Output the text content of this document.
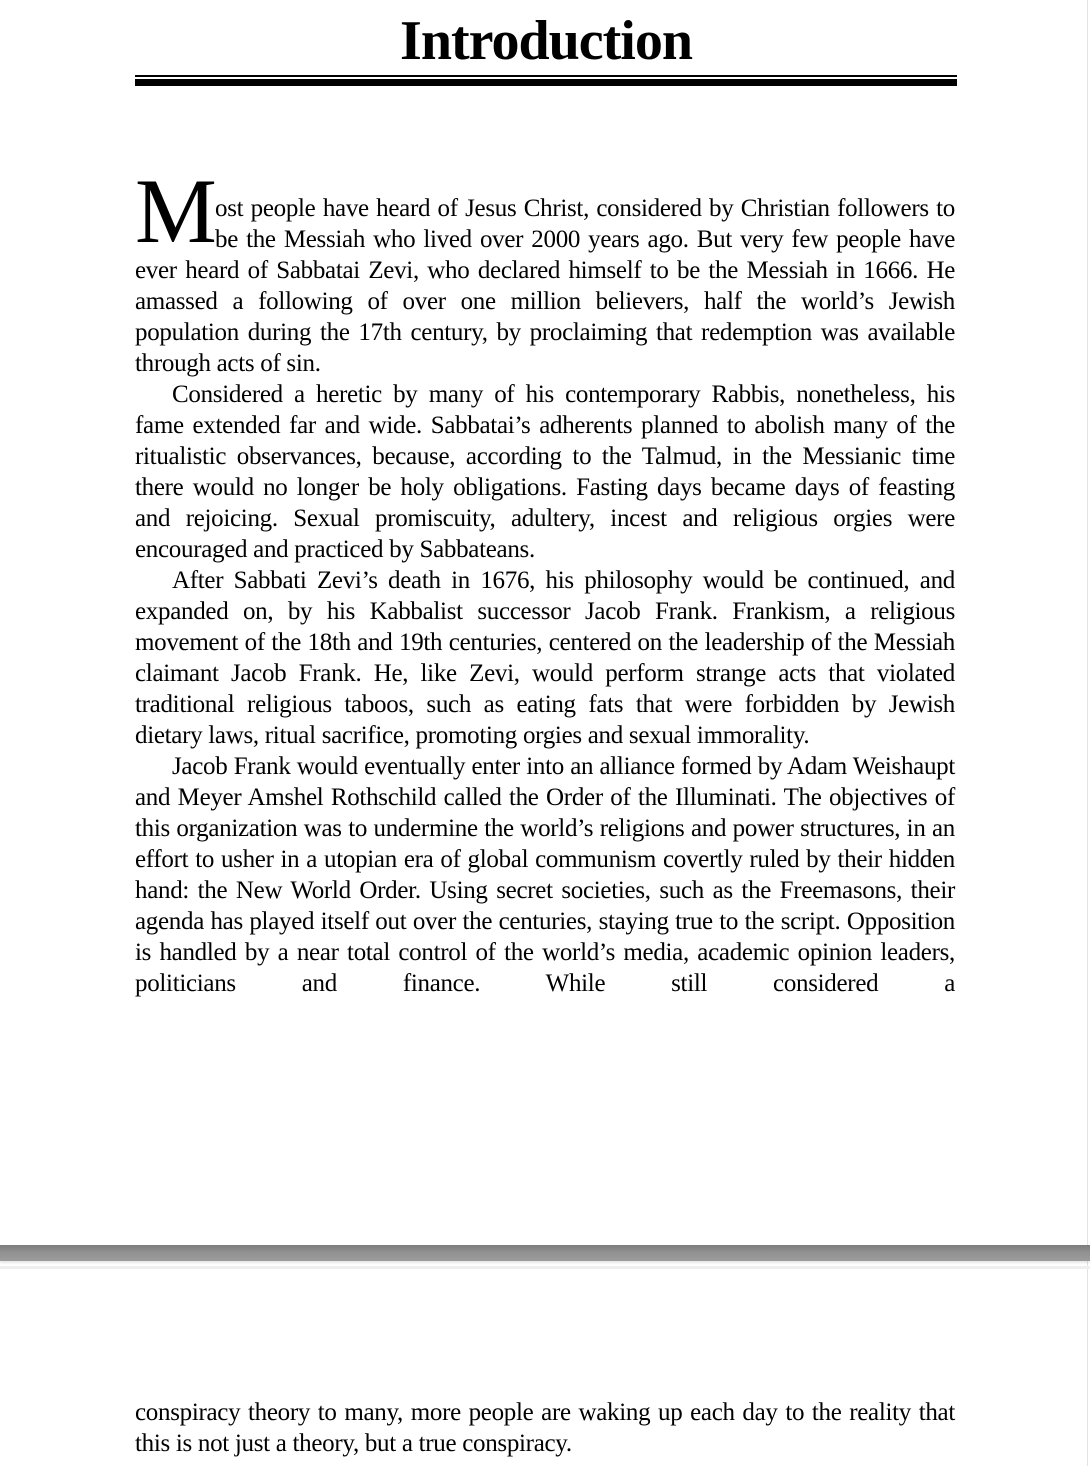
Introduction

M
ost people have heard of Jesus Christ, considered by Christian followers to be the Messiah who lived over 2000 years ago. But very few people have ever heard of Sabbatai Zevi, who declared himself to be the Messiah in 1666. He amassed a following of over one million believers, half the world’s Jewish population during the 17th century, by proclaiming that redemption was available through acts of sin.

Considered a heretic by many of his contemporary Rabbis, nonetheless, his fame extended far and wide. Sabbatai’s adherents planned to abolish many of the ritualistic observances, because, according to the Talmud, in the Messianic time there would no longer be holy obligations. Fasting days became days of feasting and rejoicing. Sexual promiscuity, adultery, incest and religious orgies were encouraged and practiced by Sabbateans.

After Sabbati Zevi’s death in 1676, his philosophy would be continued, and expanded on, by his Kabbalist successor Jacob Frank. Frankism, a religious movement of the 18th and 19th centuries, centered on the leadership of the Messiah claimant Jacob Frank. He, like Zevi, would perform strange acts that violated traditional religious taboos, such as eating fats that were forbidden by Jewish dietary laws, ritual sacrifice, promoting orgies and sexual immorality.

Jacob Frank would eventually enter into an alliance formed by Adam Weishaupt and Meyer Amshel Rothschild called the Order of the Illuminati. The objectives of this organization was to undermine the world’s religions and power structures, in an effort to usher in a utopian era of global communism covertly ruled by their hidden hand: the New World Order. Using secret societies, such as the Freemasons, their agenda has played itself out over the centuries, staying true to the script. Opposition is handled by a near total control of the world’s media, academic opinion leaders, politicians and finance. While still considered a

conspiracy theory to many, more people are waking up each day to the reality that this is not just a theory, but a true conspiracy.
